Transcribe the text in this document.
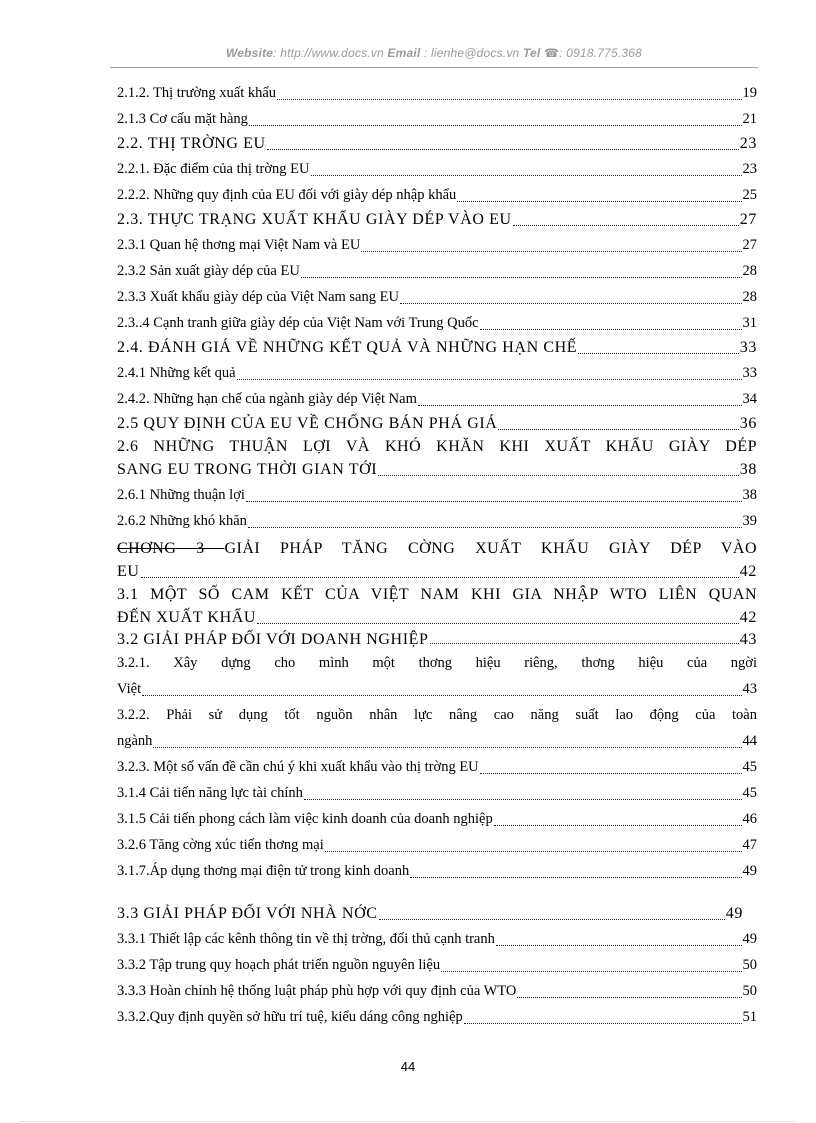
Website: http://www.docs.vn Email : lienhe@docs.vn Tel ☎: 0918.775.368
2.1.2. Thị trường xuất khẩu	19
2.1.3 Cơ cấu mặt hàng	21
2.2. THỊ TRỜNG EU	23
2.2.1. Đặc điểm của thị trờng EU	23
2.2.2. Những quy định của EU đối với giày dép nhập khẩu	25
2.3. THỰC TRẠNG XUẤT KHẨU GIÀY DÉP VÀO EU	27
2.3.1 Quan hệ thơng mại Việt Nam và EU	27
2.3.2 Sản xuất giày dép của EU	28
2.3.3 Xuất khẩu giày dép của Việt Nam sang EU	28
2.3..4 Cạnh tranh giữa giày dép của Việt Nam với Trung Quốc	31
2.4. ĐÁNH GIÁ VỀ NHỮNG KẾT QUẢ VÀ NHỮNG HẠN CHẾ	33
2.4.1 Những kết quả	33
2.4.2. Những hạn chế của ngành giày dép Việt Nam	34
2.5 QUY ĐỊNH CỦA EU VỀ CHỐNG BÁN PHÁ GIÁ	36
2.6 NHỮNG THUẬN LỢI VÀ KHÓ KHĂN KHI XUẤT KHẨU GIÀY DÉP
SANG EU TRONG THỜI GIAN TỚI	38
2.6.1 Những thuận lợi	38
2.6.2 Những khó khăn	39
CHƠNG 3 GIẢI PHÁP TĂNG CỜNG XUẤT KHẨU GIÀY DÉP VÀO
EU	42
3.1 MỘT SỐ CAM KẾT CỦA VIỆT NAM KHI GIA NHẬP WTO LIÊN QUAN
ĐẾN XUẤT KHẨU	42
3.2 GIẢI PHÁP ĐỐI VỚI DOANH NGHIỆP	43
3.2.1. Xây dựng cho mình một thơng hiệu riêng, thơng hiệu của ngời
Việt	43
3.2.2. Phải sử dụng tốt nguồn nhân lực nâng cao năng suất lao động của toàn
ngành	44
3.2.3. Một số vấn đề cần chú ý khi xuất khẩu vào thị trờng EU	45
3.1.4 Cải tiến năng lực tài chính	45
3.1.5 Cải tiến phong cách làm việc kinh doanh của doanh nghiệp	46
3.2.6 Tăng cờng xúc tiến thơng mại	47
3.1.7.Áp dụng thơng mại điện tử trong kinh doanh	49
3.3 GIẢI PHÁP ĐỐI VỚI NHÀ NỚC	49
3.3.1 Thiết lập các kênh thông tin về thị trờng, đối thủ cạnh tranh	49
3.3.2 Tập trung quy hoạch phát triển nguồn nguyên liệu	50
3.3.3 Hoàn chỉnh hệ thống luật pháp phù hợp với quy định của WTO	50
3.3.2.Quy định quyền sở hữu trí tuệ, kiểu dáng công nghiệp	51
44
